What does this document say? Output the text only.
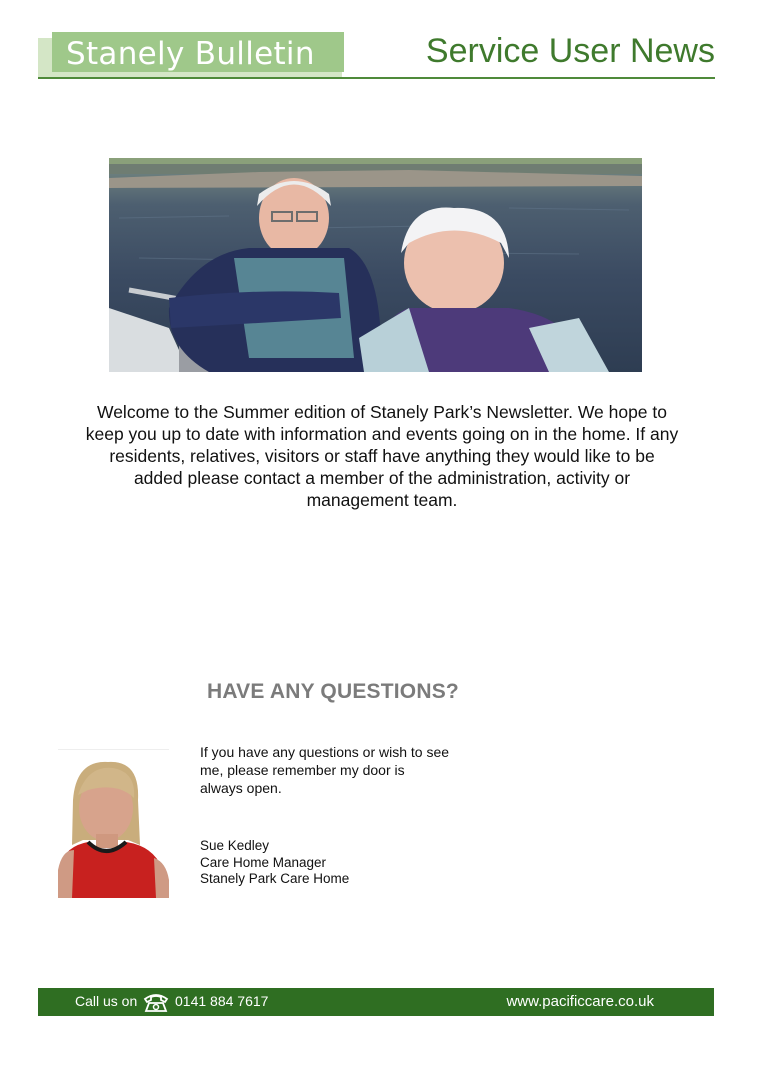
Stanely Bulletin	Service User News
Welcome to the Summer edition of Stanely Park’s Newsletter. We hope to
keep you up to date with information and events going on in the home. If any
residents, relatives, visitors or staff have anything they would like to be
added please contact a member of the administration, activity or
management team.
HAVE ANY QUESTIONS?
If you have any questions or wish to see
me, please remember my door is
always open.
Sue Kedley
Care Home Manager
Stanely Park Care Home
Call us on	0141 884 7617	www.pacificcare.co.uk
